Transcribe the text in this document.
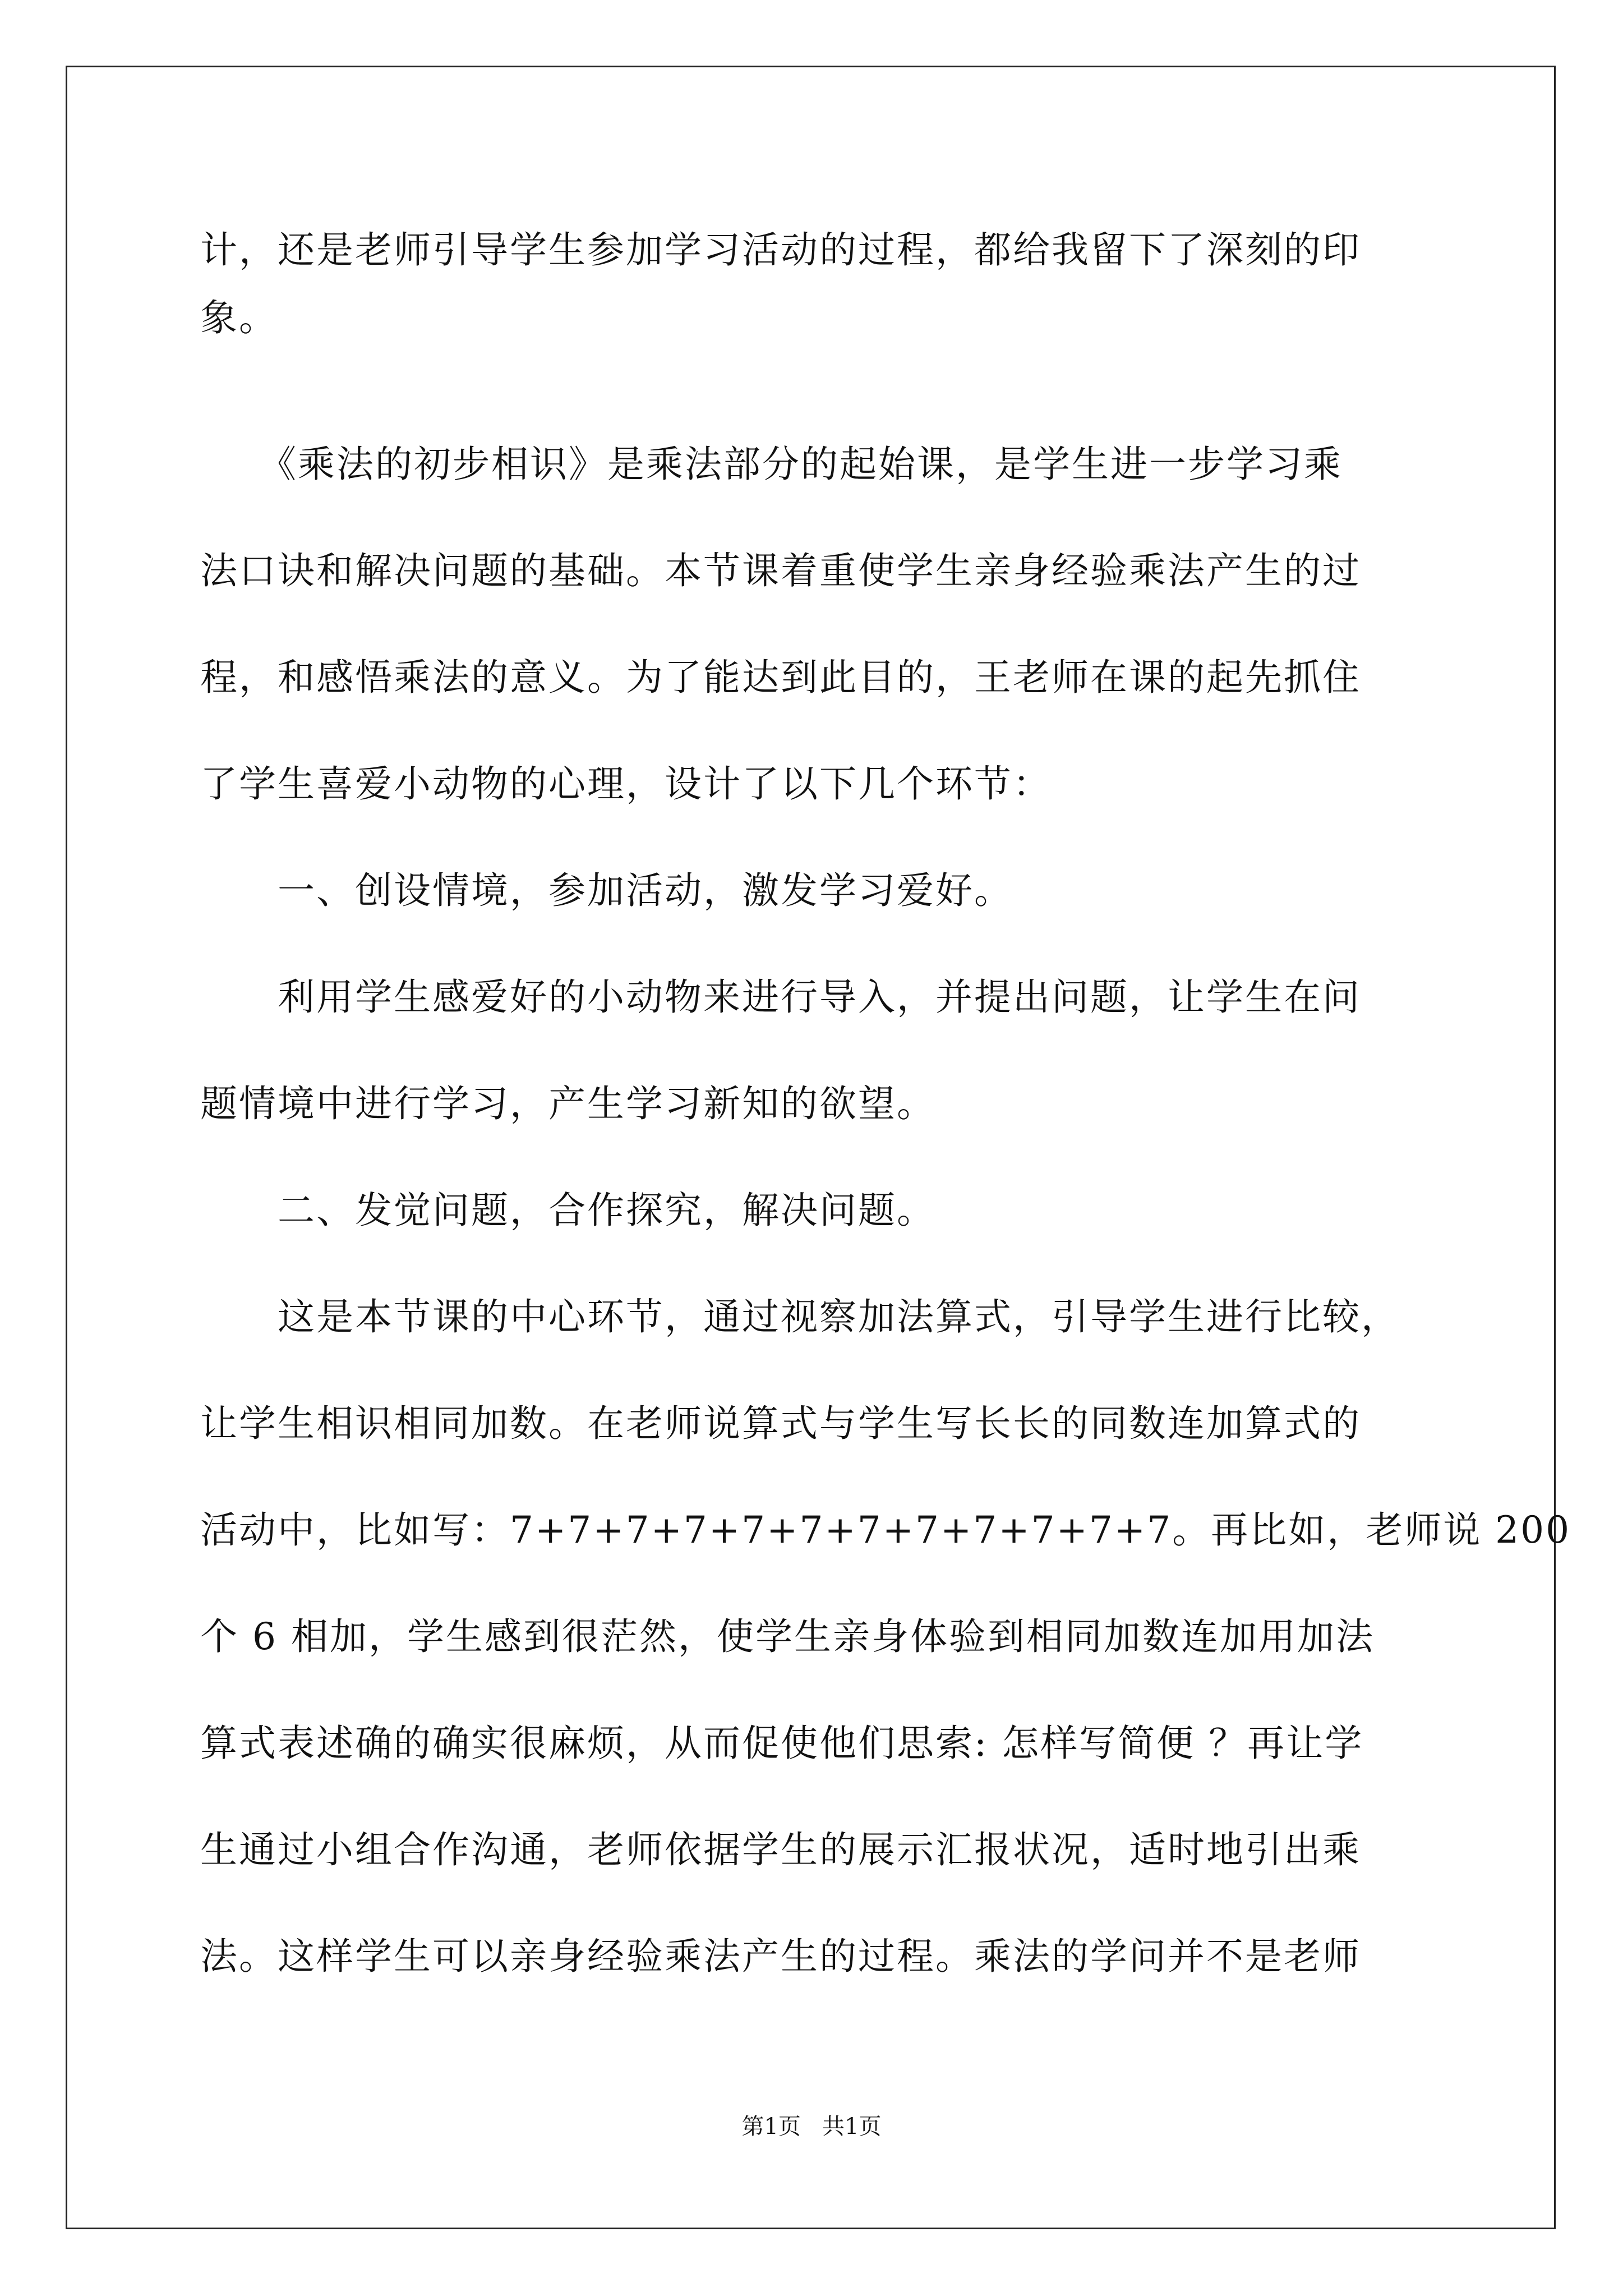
计，还是老师引导学生参加学习活动的过程，都给我留下了深刻的印
象。
　　《乘法的初步相识》是乘法部分的起始课，是学生进一步学习乘
法口诀和解决问题的基础。本节课着重使学生亲身经验乘法产生的过
程，和感悟乘法的意义。为了能达到此目的，王老师在课的起先抓住
了学生喜爱小动物的心理，设计了以下几个环节：
　　一、创设情境，参加活动，激发学习爱好。
　　利用学生感爱好的小动物来进行导入，并提出问题，让学生在问
题情境中进行学习，产生学习新知的欲望。
　　二、发觉问题，合作探究，解决问题。
　　这是本节课的中心环节，通过视察加法算式，引导学生进行比较，
让学生相识相同加数。在老师说算式与学生写长长的同数连加算式的
活动中，比如写：7+7+7+7+7+7+7+7+7+7+7+7。再比如，老师说 200
个 6 相加，学生感到很茫然，使学生亲身体验到相同加数连加用加法
算式表述确的确实很麻烦，从而促使他们思索: 怎样写简便 ？再让学
生通过小组合作沟通，老师依据学生的展示汇报状况，适时地引出乘
法。这样学生可以亲身经验乘法产生的过程。乘法的学问并不是老师
第1页   共1页
